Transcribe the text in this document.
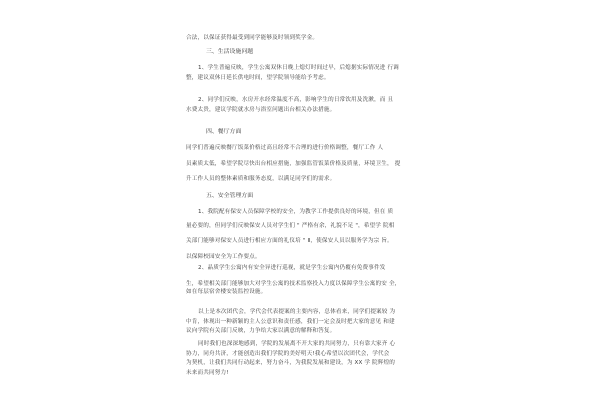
合法，以保证获得最受到同学能够及时领到奖学金。

三、生活设施问题

1、学生普遍反映，学生公寓双休日晚上熄灯时间过早，后熄据实际情况进 行调

整，建议双休日延长供电时间，望学院领导能给予考虑。

2、同学们反映，水房开水经常温度不高，影响学生的日常饮用及洗漱，而 且

水费太贵，建议学院就水房与浴室问题出台相关办法措施。

四、餐厅方面

同学们普遍反映餐厅饭菜价格过高且经常不合理的进行价格调整，餐厅工作 人

员素质太低，希望学院尽快出台相应措施，加强监管饭菜价格及质量，环境卫生， 提

升工作人员的整体素质和服务态度，以满足同学们的需求。

五、安全管理方面

1、我院配有保安人员保障学校的安全，为教学工作提供良好的环境，但在 质

量必要的，但同学们反映保安人员对学生们 " 严格有余，礼貌不足 "，希望学 院相

关部门能够对保安人员进行相应方面的礼仪培 " Ⅱ，使保安人员以服务学为宗 旨。

以保障校园安全为工作要点。

2、晶质学生公寓内有安全异进行巡视，就是学生公寓内仍覆有免费事件发

生，希望相关部门能够加大对学生公寓的技术监察投入力度以保障学生公寓的安 全，

如在每层宿舍楼安装监控设施。

以上是本次团代会，学代会代表提案的主要内容，总体看来，同学们提案较 为

中肯，体现出一种新颖的主人公意识和责任感，我们一定会及时把大家的意见 和建

议向学院有关部门反映，力争给大家以满意的解释和答复。

同时我们也深深地感到，学院的发展离不开大家的共同努力，只有靠大家齐 心

协力，同舟共济，才能创造出我们学院的美好明天!我心希望以次团代会，学代会

为契机，让我们共同行动起来，努力奋斗，为我院发展和建设，为 XX 学 院辉煌的

未来而共同努力!
